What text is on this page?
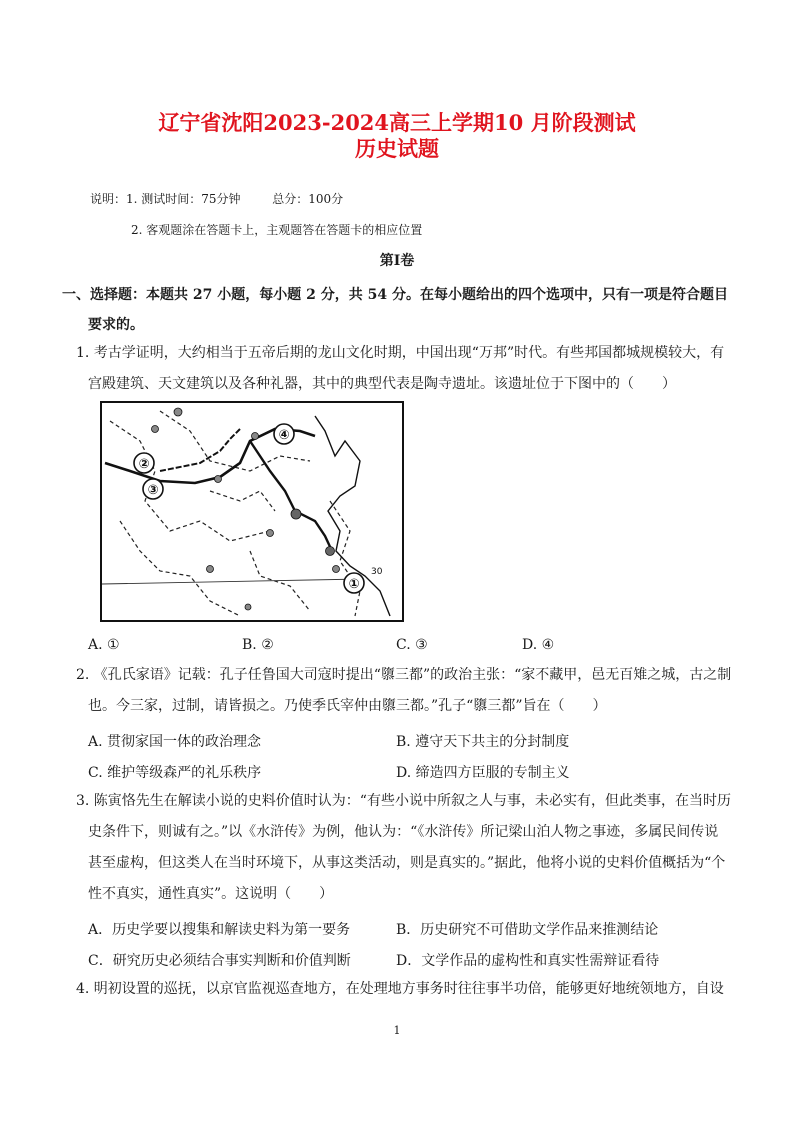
辽宁省沈阳2023-2024高三上学期10 月阶段测试
历史试题
说明：1. 测试时间：75分钟	总分：100分
2. 客观题涂在答题卡上，主观题答在答题卡的相应位置
第Ⅰ卷
一、选择题：本题共 27 小题，每小题 2 分，共 54 分。在每小题给出的四个选项中，只有一项是符合题目
要求的。
1. 考古学证明，大约相当于五帝后期的龙山文化时期，中国出现“万邦”时代。有些邦国都城规模较大，有
宫殿建筑、天文建筑以及各种礼器，其中的典型代表是陶寺遗址。该遗址位于下图中的（　　）
④
②
③
①
30
A. ①	B. ②	C. ③	D. ④
2. 《孔氏家语》记载：孔子任鲁国大司寇时提出“隳三都”的政治主张：“家不藏甲，邑无百雉之城，古之制
也。今三家，过制，请皆损之。乃使季氏宰仲由隳三都。”孔子“隳三都”旨在（　　）
A. 贯彻家国一体的政治理念	B. 遵守天下共主的分封制度
C. 维护等级森严的礼乐秩序	D. 缔造四方臣服的专制主义
3. 陈寅恪先生在解读小说的史料价值时认为：“有些小说中所叙之人与事，未必实有，但此类事，在当时历
史条件下，则诚有之。”以《水浒传》为例，他认为：“《水浒传》所记梁山泊人物之事迹，多属民间传说
甚至虚构，但这类人在当时环境下，从事这类活动，则是真实的。”据此，他将小说的史料价值概括为“个
性不真实，通性真实”。这说明（　　）
A．历史学要以搜集和解读史料为第一要务	B．历史研究不可借助文学作品来推测结论
C．研究历史必须结合事实判断和价值判断	D．文学作品的虚构性和真实性需辩证看待
4. 明初设置的巡抚，以京官监视巡查地方，在处理地方事务时往往事半功倍，能够更好地统领地方，自设
1
